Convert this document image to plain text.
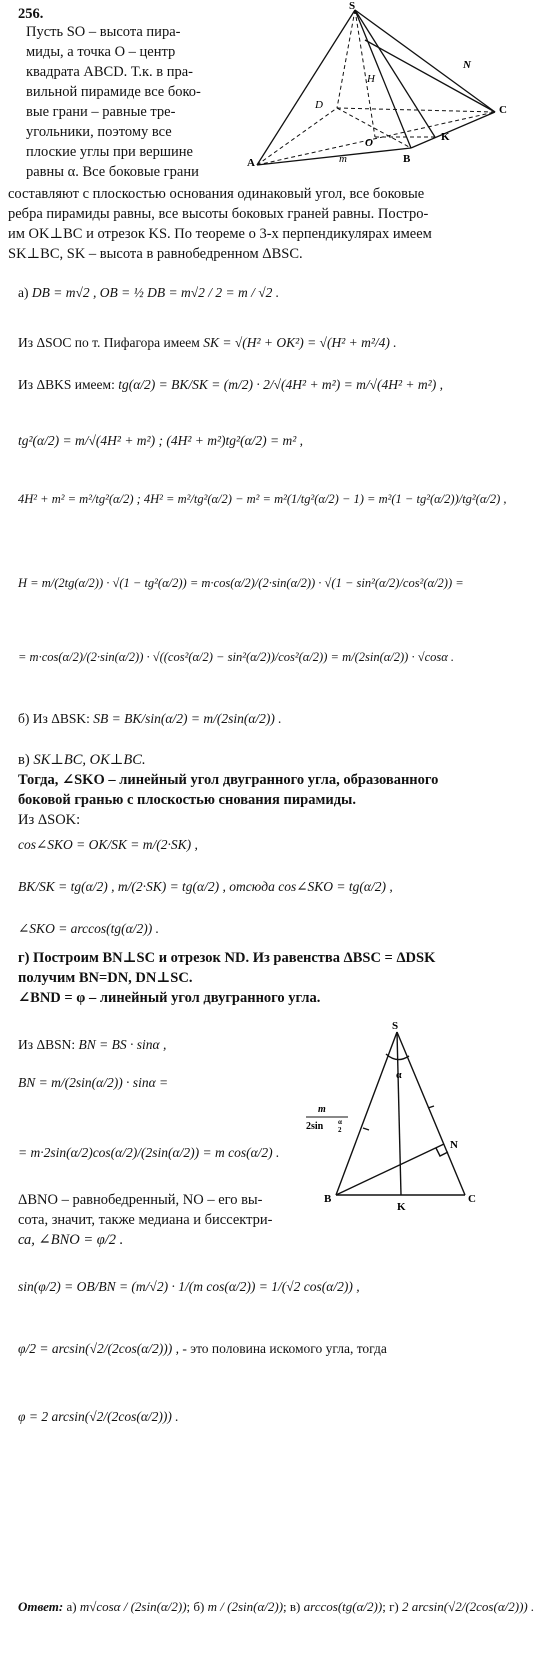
256.
Пусть SO – высота пира-
миды, а точка O – центр
квадрата ABCD. Т.к. в пра-
вильной пирамиде все боко-
вые грани – равные тре-
угольники, поэтому все
плоские углы при вершине
равны α. Все боковые грани
S
N
H
D	C
A	B
O	K
m
составляют с плоскостью основания одинаковый угол, все боковые
ребра пирамиды равны, все высоты боковых граней равны. Постро-
им OK⊥BC и отрезок KS. По теореме о 3-х перпендикулярах имеем
SK⊥BC, SK – высота в равнобедренном ΔBSC.
а) DB = m√2 , OB = ½ DB = m√2 / 2 = m / √2 .
Из ΔSOC по т. Пифагора имеем SK = √(H² + OK²) = √(H² + m²/4) .
Из ΔBKS имеем: tg(α/2) = BK/SK = (m/2) · 2/√(4H² + m²) = m/√(4H² + m²) ,
tg²(α/2) = m/√(4H² + m²) ; (4H² + m²)tg²(α/2) = m² ,
4H² + m² = m²/tg²(α/2) ; 4H² = m²/tg²(α/2) − m² = m²(1/tg²(α/2) − 1) = m²(1 − tg²(α/2))/tg²(α/2) ,
H = m/(2tg(α/2)) · √(1 − tg²(α/2)) = m·cos(α/2)/(2·sin(α/2)) · √(1 − sin²(α/2)/cos²(α/2)) =
= m·cos(α/2)/(2·sin(α/2)) · √((cos²(α/2) − sin²(α/2))/cos²(α/2)) = m/(2sin(α/2)) · √cosα .
б) Из ΔBSK: SB = BK/sin(α/2) = m/(2sin(α/2)) .
в) SK⊥BC, OK⊥BC.
Тогда, ∠SKO – линейный угол двугранного угла, образованного
боковой гранью с плоскостью снования пирамиды.
Из ΔSOK:
cos∠SKO = OK/SK = m/(2·SK) ,
BK/SK = tg(α/2) , m/(2·SK) = tg(α/2) , отсюда cos∠SKO = tg(α/2) ,
∠SKO = arccos(tg(α/2)) .
г) Построим BN⊥SC и отрезок ND. Из равенства ΔBSC = ΔDSK
получим BN=DN, DN⊥SC.
∠BND = φ – линейный угол двугранного угла.
Из ΔBSN: BN = BS · sinα ,
BN = m/(2sin(α/2)) · sinα =
= m·2sin(α/2)cos(α/2)/(2sin(α/2)) = m cos(α/2) .
ΔBNO – равнобедренный, NO – его вы-
сота, значит, также медиана и биссектри-
са, ∠BNO = φ/2 .
sin(φ/2) = OB/BN = (m/√2) · 1/(m cos(α/2)) = 1/(√2 cos(α/2)) ,
φ/2 = arcsin(√2/(2cos(α/2))) , - это половина искомого угла, тогда
φ = 2 arcsin(√2/(2cos(α/2))) .
S
α
m
2sin α
2
N
B
K
C
Ответ: а) m√cosα / (2sin(α/2)); б) m / (2sin(α/2)); в) arccos(tg(α/2)); г) 2 arcsin(√2/(2cos(α/2))) .
